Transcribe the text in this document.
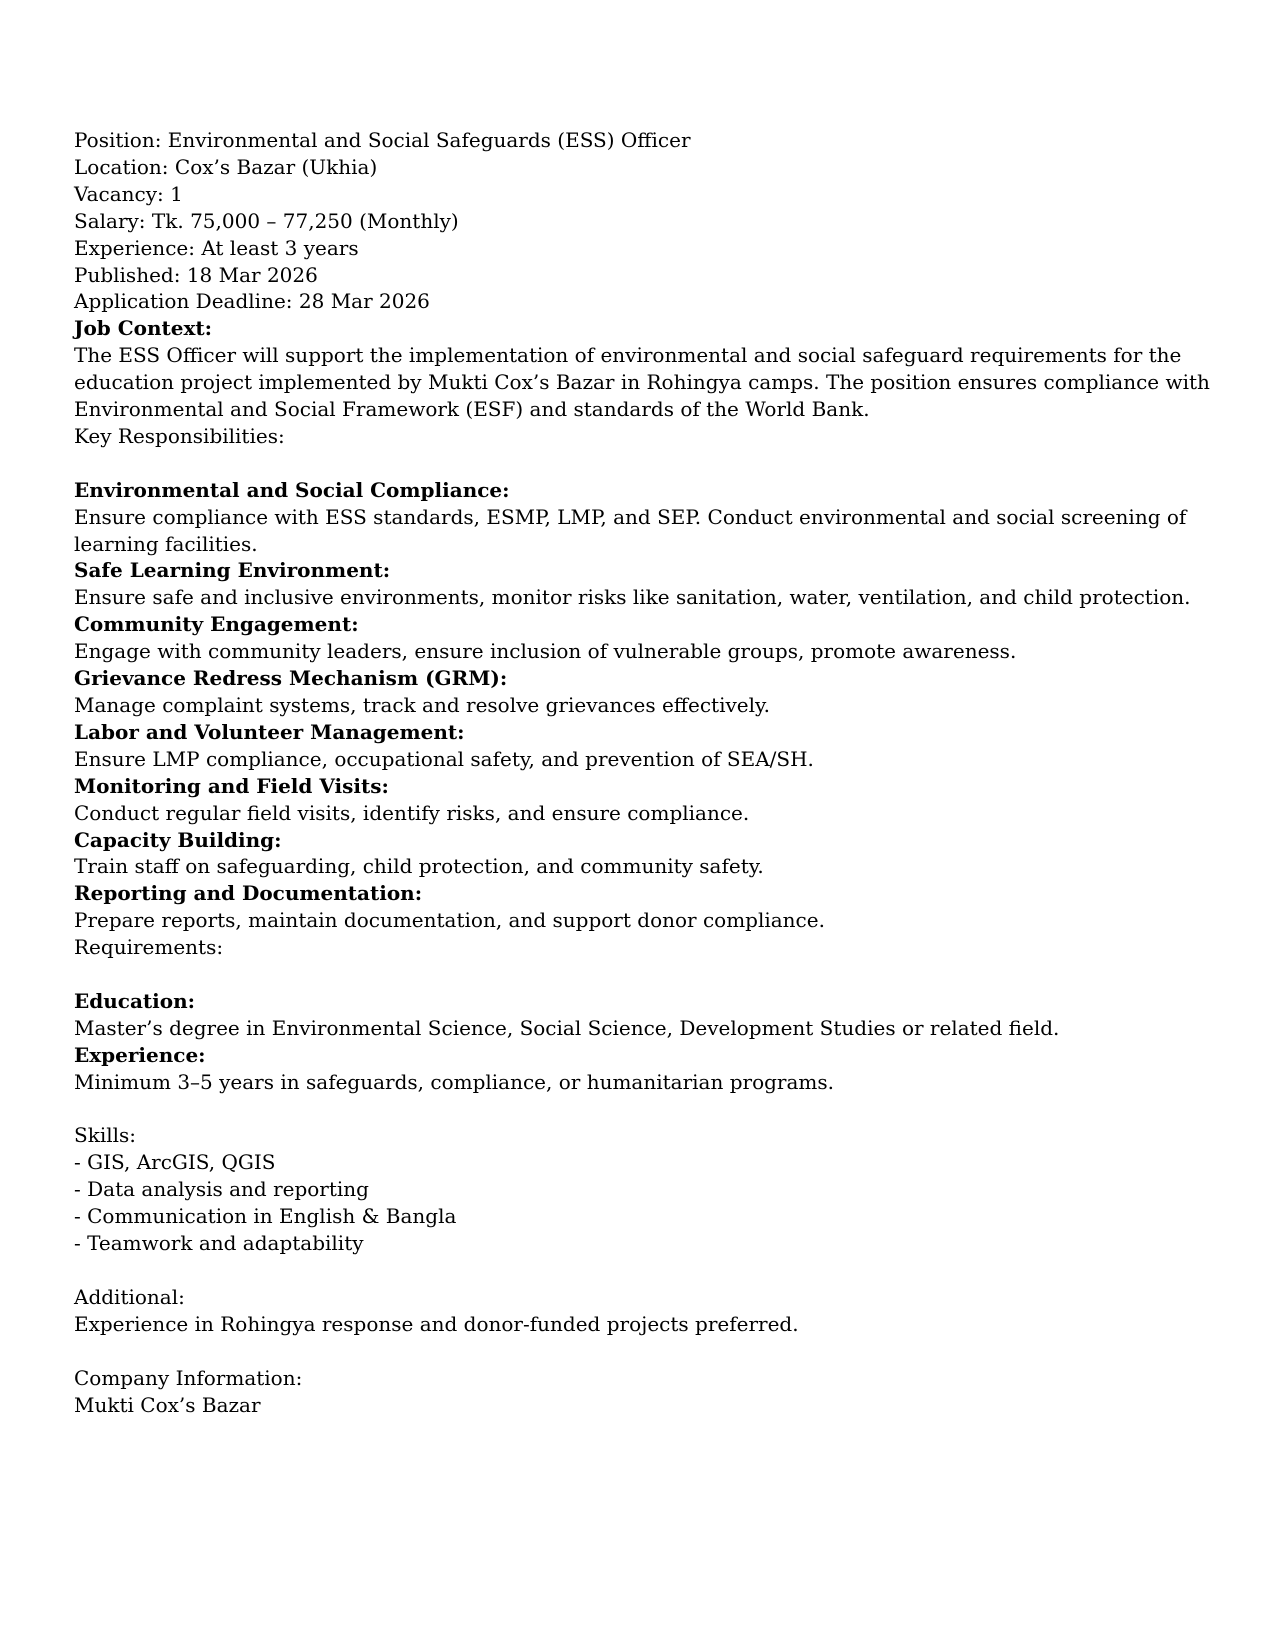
Position: Environmental and Social Safeguards (ESS) Officer
Location: Cox’s Bazar (Ukhia)
Vacancy: 1
Salary: Tk. 75,000 – 77,250 (Monthly)
Experience: At least 3 years
Published: 18 Mar 2026
Application Deadline: 28 Mar 2026
Job Context:
The ESS Officer will support the implementation of environmental and social safeguard requirements for the education project implemented by Mukti Cox’s Bazar in Rohingya camps. The position ensures compliance with Environmental and Social Framework (ESF) and standards of the World Bank.
Key Responsibilities:
Environmental and Social Compliance:
Ensure compliance with ESS standards, ESMP, LMP, and SEP. Conduct environmental and social screening of learning facilities.
Safe Learning Environment:
Ensure safe and inclusive environments, monitor risks like sanitation, water, ventilation, and child protection.
Community Engagement:
Engage with community leaders, ensure inclusion of vulnerable groups, promote awareness.
Grievance Redress Mechanism (GRM):
Manage complaint systems, track and resolve grievances effectively.
Labor and Volunteer Management:
Ensure LMP compliance, occupational safety, and prevention of SEA/SH.
Monitoring and Field Visits:
Conduct regular field visits, identify risks, and ensure compliance.
Capacity Building:
Train staff on safeguarding, child protection, and community safety.
Reporting and Documentation:
Prepare reports, maintain documentation, and support donor compliance.
Requirements:
Education:
Master’s degree in Environmental Science, Social Science, Development Studies or related field.
Experience:
Minimum 3–5 years in safeguards, compliance, or humanitarian programs.
Skills:
- GIS, ArcGIS, QGIS
- Data analysis and reporting
- Communication in English & Bangla
- Teamwork and adaptability
Additional:
Experience in Rohingya response and donor-funded projects preferred.
Company Information:
Mukti Cox’s Bazar
